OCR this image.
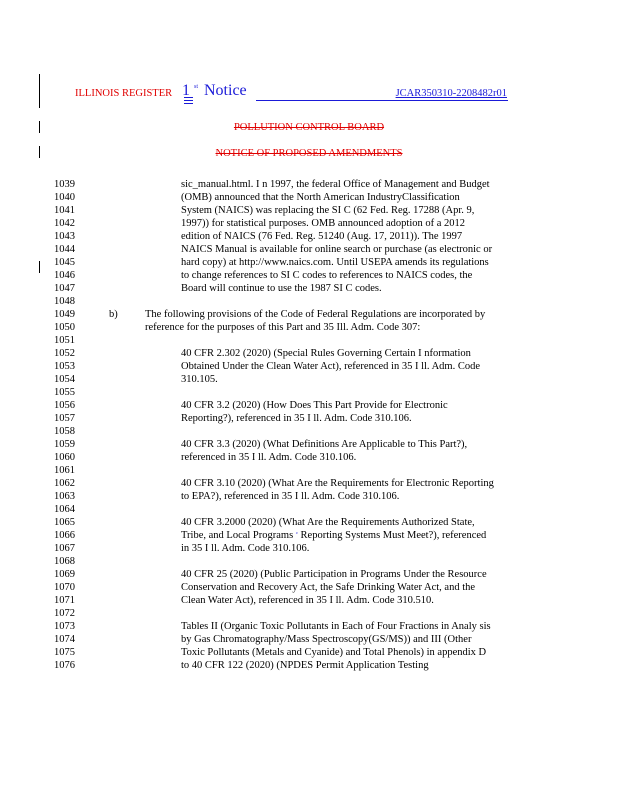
ILLINOIS REGISTER 1 st Notice	JCAR350310-2208482r01
POLLUTION CONTROL BOARD
NOTICE OF PROPOSED AMENDMENTS
1039
1040
1041
1042
1043
1044
1045
1046
1047
1048
1049
1050
1051
1052
1053
1054
1055
1056
1057
1058
1059
1060
1061
1062
1063
1064
1065
1066
1067
1068
1069
1070
1071
1072
1073
1074
1075
1076
sic_manual.html. I n 1997, the federal Office of Management and Budget
(OMB) announced that the North American IndustryClassification
System (NAICS) was replacing the SI C (62 Fed. Reg. 17288 (Apr. 9,
1997)) for statistical purposes. OMB announced adoption of a 2012
edition of NAICS (76 Fed. Reg. 51240 (Aug. 17, 2011)). The 1997
NAICS Manual is available for online search or purchase (as electronic or
hard copy) at http://www.naics.com. Until USEPA amends its regulations
to change references to SI C codes to references to NAICS codes, the
Board will continue to use the 1987 SI C codes.
b)	The following provisions of the Code of Federal Regulations are incorporated by
reference for the purposes of this Part and 35 Ill. Adm. Code 307:
40 CFR 2.302 (2020) (Special Rules Governing Certain I nformation
Obtained Under the Clean Water Act), referenced in 35 I ll. Adm. Code
310.105.
40 CFR 3.2 (2020) (How Does This Part Provide for Electronic
Reporting?), referenced in 35 I ll. Adm. Code 310.106.
40 CFR 3.3 (2020) (What Definitions Are Applicable to This Part?),
referenced in 35 I ll. Adm. Code 310.106.
40 CFR 3.10 (2020) (What Are the Requirements for Electronic Reporting
to EPA?), referenced in 35 I ll. Adm. Code 310.106.
40 CFR 3.2000 (2020) (What Are the Requirements Authorized State,
Tribe, and Local Programs ‴ Reporting Systems Must Meet?), referenced
in 35 I ll. Adm. Code 310.106.
40 CFR 25 (2020) (Public Participation in Programs Under the Resource
Conservation and Recovery Act, the Safe Drinking Water Act, and the
Clean Water Act), referenced in 35 I ll. Adm. Code 310.510.
Tables II (Organic Toxic Pollutants in Each of Four Fractions in Analy sis
by Gas Chromatography/Mass Spectroscopy(GS/MS)) and III (Other
Toxic Pollutants (Metals and Cyanide) and Total Phenols) in appendix D
to 40 CFR 122 (2020) (NPDES Permit Application Testing
